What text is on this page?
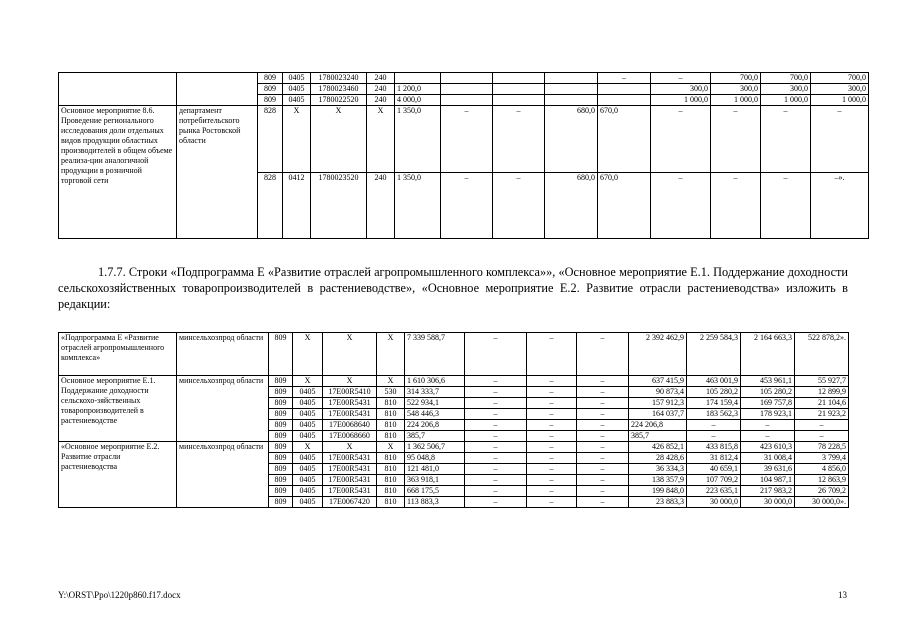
		809	0405	1780023240	240					–	–	700,0	700,0	700,0
		809	0405	1780023460	240	1 200,0					300,0	300,0	300,0	300,0
		809	0405	1780022520	240	4 000,0					1 000,0	1 000,0	1 000,0	1 000,0
Основное мероприятие 8.6. Проведение регионального исследования доли отдельных видов продукции областных производителей в общем объеме реализа-ции аналогичной продукции в розничной торговой сети	департамент потребительского рынка Ростовской области	828	X	X	X	1 350,0	–	–	680,0	670,0	–	–	–	–
		828	0412	1780023520	240	1 350,0	–	–	680,0	670,0	–	–	–	–».
1.7.7. Строки «Подпрограмма Е «Развитие отраслей агропромышленного комплекса»», «Основное мероприятие Е.1. Поддержание доходности сельскохозяйственных товаропроизводителей в растениеводстве», «Основное мероприятие Е.2. Развитие отрасли растениеводства» изложить в редакции:
«Подпрограмма Е «Развитие отраслей агропромышленного комплекса»	минсельхозпрод области	809	X	X	X	7 339 588,7	–	–	–	2 392 462,9	2 259 584,3	2 164 663,3	522 878,2».
Основное мероприятие Е.1. Поддержание доходности сельскохо-зяйственных товаропроизводителей в растениеводстве	минсельхозпрод области	809	X	X	X	1 610 306,6	–	–	–	637 415,9	463 001,9	453 961,1	55 927,7
		809	0405	17E00R5410	530	314 333,7	–	–	–	90 873,4	105 280,2	105 280,2	12 899,9
		809	0405	17E00R5431	810	522 934,1	–	–	–	157 912,3	174 159,4	169 757,8	21 104,6
		809	0405	17E00R5431	810	548 446,3	–	–	–	164 037,7	183 562,3	178 923,1	21 923,2
		809	0405	17E0068640	810	224 206,8	–	–	–	224 206,8	–	–	–
		809	0405	17E0068660	810	385,7	–	–	–	385,7	–	–	–
«Основное мероприятие Е.2. Развитие отрасли растениеводства	минсельхозпрод области	809	X	X	X	1 362 506,7	–	–	–	426 852,1	433 815,8	423 610,3	78 228,5
		809	0405	17E00R5431	810	95 048,8	–	–	–	28 428,6	31 812,4	31 008,4	3 799,4
		809	0405	17E00R5431	810	121 481,0	–	–	–	36 334,3	40 659,1	39 631,6	4 856,0
		809	0405	17E00R5431	810	363 918,1	–	–	–	138 357,9	107 709,2	104 987,1	12 863,9
		809	0405	17E00R5431	810	668 175,5	–	–	–	199 848,0	223 635,1	217 983,2	26 709,2
		809	0405	17E0067420	810	113 883,3	–	–	–	23 883,3	30 000,0	30 000,0	30 000,0».
Y:\ORST\Ppo\1220p860.f17.docx	13
